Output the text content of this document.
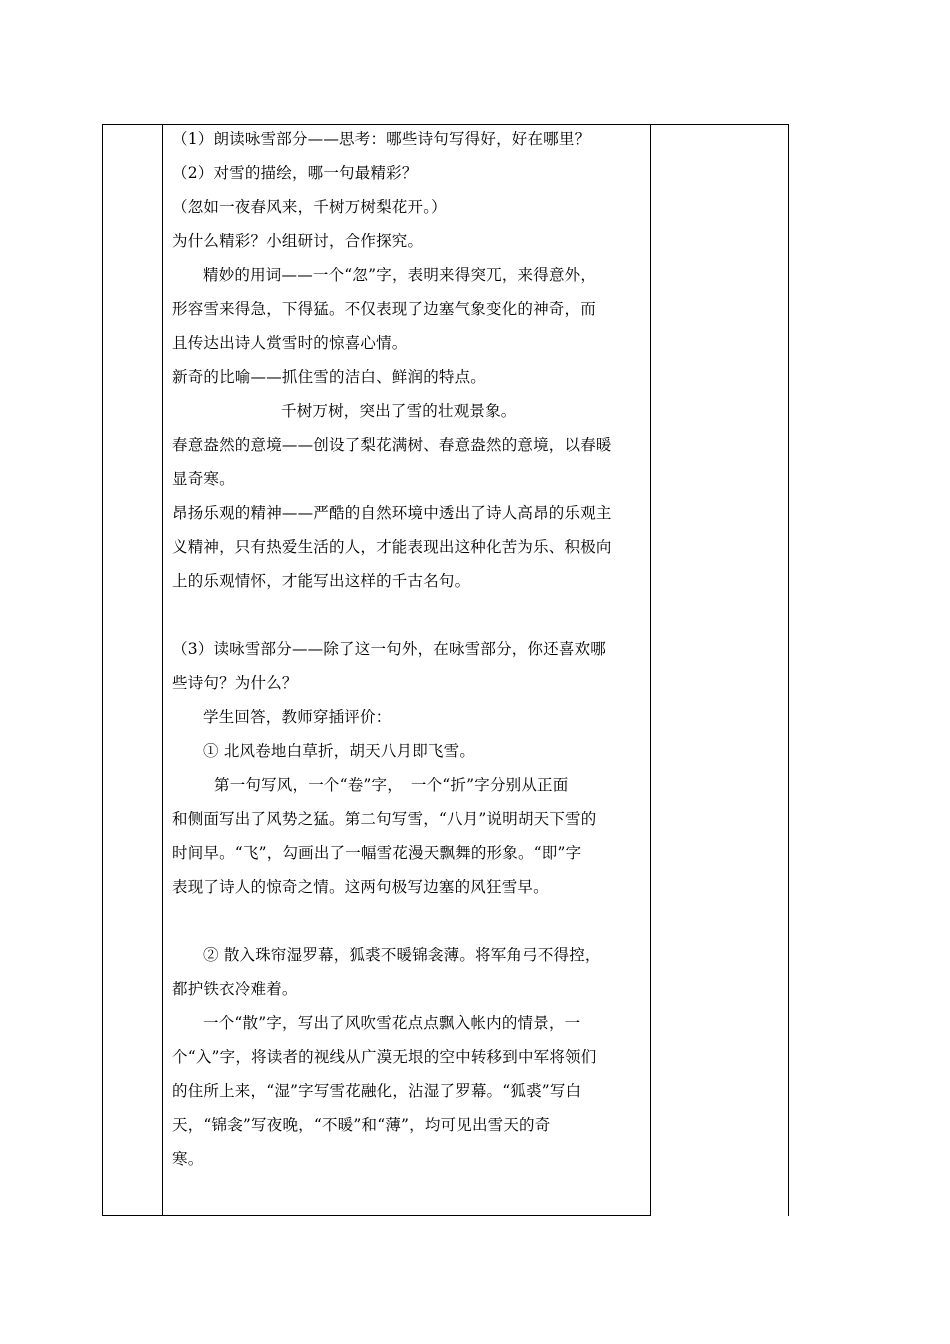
（1）朗读咏雪部分——思考：哪些诗句写得好，好在哪里？

（2）对雪的描绘，哪一句最精彩？

（忽如一夜春风来，千树万树梨花开。）

为什么精彩？小组研讨，合作探究。

精妙的用词——一个“忽”字，表明来得突兀，来得意外，

形容雪来得急，下得猛。不仅表现了边塞气象变化的神奇，而

且传达出诗人赏雪时的惊喜心情。

新奇的比喻——抓住雪的洁白、鲜润的特点。

千树万树，突出了雪的壮观景象。

春意盎然的意境——创设了梨花满树、春意盎然的意境，以春暖

显奇寒。

昂扬乐观的精神——严酷的自然环境中透出了诗人高昂的乐观主

义精神，只有热爱生活的人，才能表现出这种化苦为乐、积极向

上的乐观情怀，才能写出这样的千古名句。

（3）读咏雪部分——除了这一句外，在咏雪部分，你还喜欢哪

些诗句？为什么？

学生回答，教师穿插评价：

① 北风卷地白草折，胡天八月即飞雪。

第一句写风，一个“卷”字，　一个“折”字分别从正面

和侧面写出了风势之猛。第二句写雪，“八月”说明胡天下雪的

时间早。“飞”，勾画出了一幅雪花漫天飘舞的形象。“即”字

表现了诗人的惊奇之情。这两句极写边塞的风狂雪早。

② 散入珠帘湿罗幕，狐裘不暖锦衾薄。将军角弓不得控，

都护铁衣冷难着。

一个“散”字，写出了风吹雪花点点飘入帐内的情景，一

个“入”字，将读者的视线从广漠无垠的空中转移到中军将领们

的住所上来，“湿”字写雪花融化，沾湿了罗幕。“狐裘”写白

天，“锦衾”写夜晚，“不暖”和“薄”，均可见出雪天的奇

寒。
